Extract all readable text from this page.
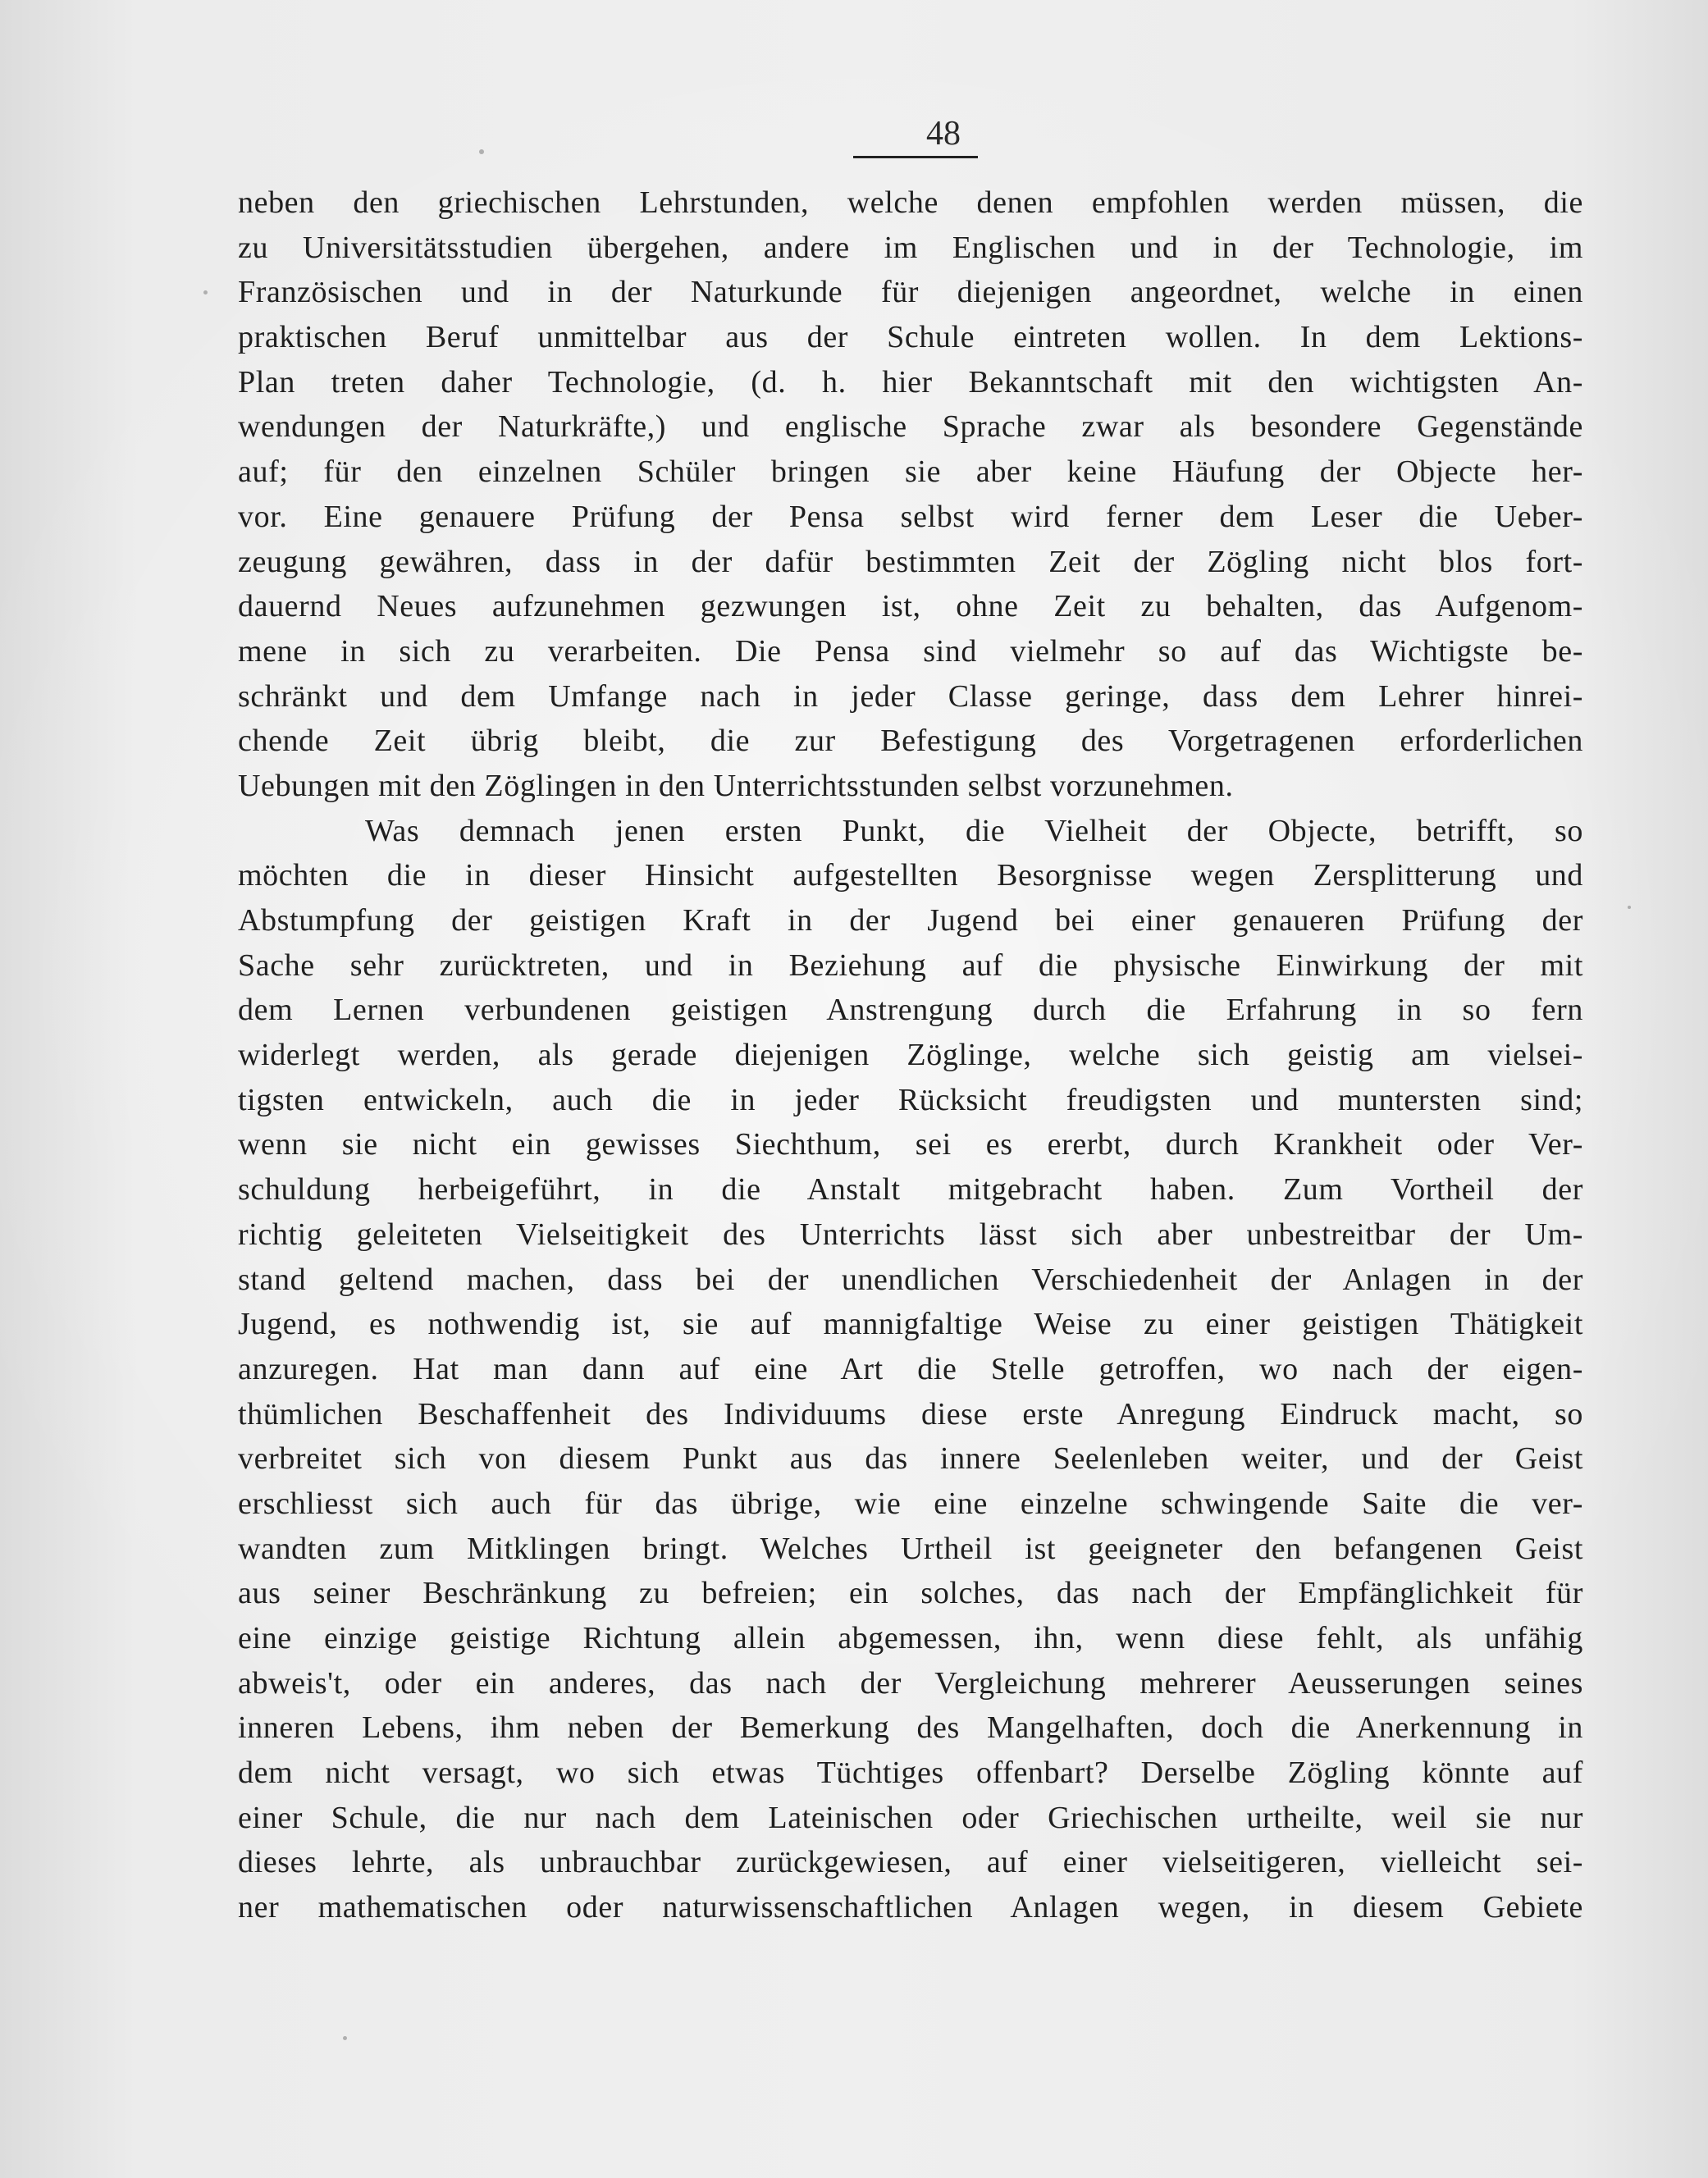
48
neben den griechischen Lehrstunden, welche denen empfohlen werden müssen, die
zu Universitätsstudien übergehen, andere im Englischen und in der Technologie, im
Französischen und in der Naturkunde für diejenigen angeordnet, welche in einen
praktischen Beruf unmittelbar aus der Schule eintreten wollen. In dem Lektions-
Plan treten daher Technologie, (d. h. hier Bekanntschaft mit den wichtigsten An-
wendungen der Naturkräfte,) und englische Sprache zwar als besondere Gegenstände
auf; für den einzelnen Schüler bringen sie aber keine Häufung der Objecte her-
vor. Eine genauere Prüfung der Pensa selbst wird ferner dem Leser die Ueber-
zeugung gewähren, dass in der dafür bestimmten Zeit der Zögling nicht blos fort-
dauernd Neues aufzunehmen gezwungen ist, ohne Zeit zu behalten, das Aufgenom-
mene in sich zu verarbeiten. Die Pensa sind vielmehr so auf das Wichtigste be-
schränkt und dem Umfange nach in jeder Classe geringe, dass dem Lehrer hinrei-
chende Zeit übrig bleibt, die zur Befestigung des Vorgetragenen erforderlichen
Uebungen mit den Zöglingen in den Unterrichtsstunden selbst vorzunehmen.
Was demnach jenen ersten Punkt, die Vielheit der Objecte, betrifft, so
möchten die in dieser Hinsicht aufgestellten Besorgnisse wegen Zersplitterung und
Abstumpfung der geistigen Kraft in der Jugend bei einer genaueren Prüfung der
Sache sehr zurücktreten, und in Beziehung auf die physische Einwirkung der mit
dem Lernen verbundenen geistigen Anstrengung durch die Erfahrung in so fern
widerlegt werden, als gerade diejenigen Zöglinge, welche sich geistig am vielsei-
tigsten entwickeln, auch die in jeder Rücksicht freudigsten und muntersten sind;
wenn sie nicht ein gewisses Siechthum, sei es ererbt, durch Krankheit oder Ver-
schuldung herbeigeführt, in die Anstalt mitgebracht haben. Zum Vortheil der
richtig geleiteten Vielseitigkeit des Unterrichts lässt sich aber unbestreitbar der Um-
stand geltend machen, dass bei der unendlichen Verschiedenheit der Anlagen in der
Jugend, es nothwendig ist, sie auf mannigfaltige Weise zu einer geistigen Thätigkeit
anzuregen. Hat man dann auf eine Art die Stelle getroffen, wo nach der eigen-
thümlichen Beschaffenheit des Individuums diese erste Anregung Eindruck macht, so
verbreitet sich von diesem Punkt aus das innere Seelenleben weiter, und der Geist
erschliesst sich auch für das übrige, wie eine einzelne schwingende Saite die ver-
wandten zum Mitklingen bringt. Welches Urtheil ist geeigneter den befangenen Geist
aus seiner Beschränkung zu befreien; ein solches, das nach der Empfänglichkeit für
eine einzige geistige Richtung allein abgemessen, ihn, wenn diese fehlt, als unfähig
abweis't, oder ein anderes, das nach der Vergleichung mehrerer Aeusserungen seines
inneren Lebens, ihm neben der Bemerkung des Mangelhaften, doch die Anerkennung in
dem nicht versagt, wo sich etwas Tüchtiges offenbart? Derselbe Zögling könnte auf
einer Schule, die nur nach dem Lateinischen oder Griechischen urtheilte, weil sie nur
dieses lehrte, als unbrauchbar zurückgewiesen, auf einer vielseitigeren, vielleicht sei-
ner mathematischen oder naturwissenschaftlichen Anlagen wegen, in diesem Gebiete
